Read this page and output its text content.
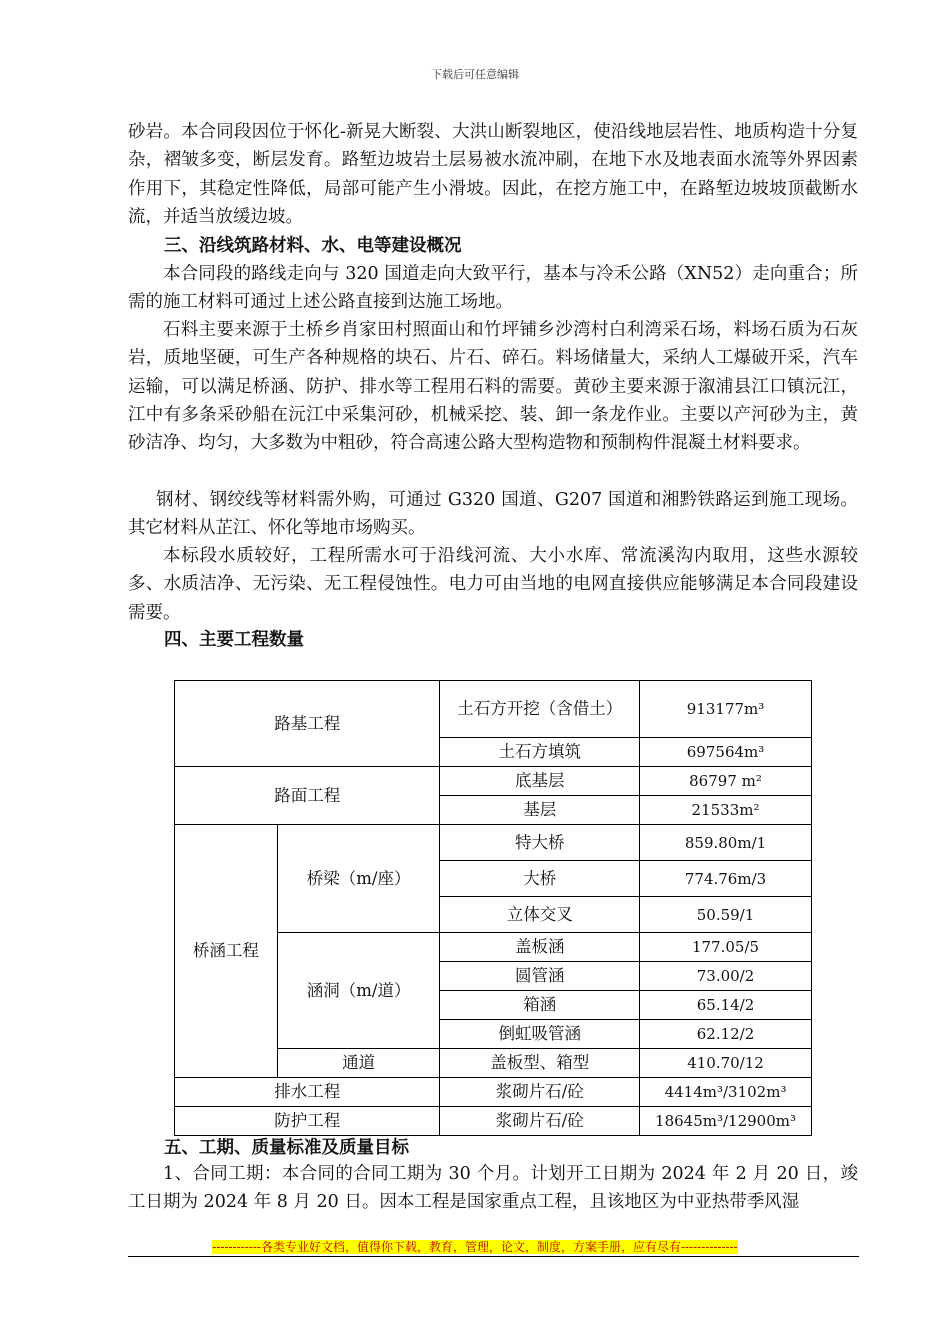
下载后可任意编辑

砂岩。本合同段因位于怀化-新晃大断裂、大洪山断裂地区，使沿线地层岩性、地质构造十分复杂，褶皱多变，断层发育。路堑边坡岩土层易被水流冲刷，在地下水及地表面水流等外界因素作用下，其稳定性降低，局部可能产生小滑坡。因此，在挖方施工中，在路堑边坡坡顶截断水流，并适当放缓边坡。

三、沿线筑路材料、水、电等建设概况

本合同段的路线走向与 320 国道走向大致平行，基本与冷禾公路（XN52）走向重合；所需的施工材料可通过上述公路直接到达施工场地。

石料主要来源于土桥乡肖家田村照面山和竹坪铺乡沙湾村白利湾采石场，料场石质为石灰岩，质地坚硬，可生产各种规格的块石、片石、碎石。料场储量大，采纳人工爆破开采，汽车运输，可以满足桥涵、防护、排水等工程用石料的需要。黄砂主要来源于溆浦县江口镇沅江，江中有多条采砂船在沅江中采集河砂，机械采挖、装、卸一条龙作业。主要以产河砂为主，黄砂洁净、均匀，大多数为中粗砂，符合高速公路大型构造物和预制构件混凝土材料要求。

钢材、钢绞线等材料需外购，可通过 G320 国道、G207 国道和湘黔铁路运到施工现场。其它材料从芷江、怀化等地市场购买。

本标段水质较好，工程所需水可于沿线河流、大小水库、常流溪沟内取用，这些水源较多、水质洁净、无污染、无工程侵蚀性。电力可由当地的电网直接供应能够满足本合同段建设需要。

四、主要工程数量

路基工程		土石方开挖（含借土）	913177m³
		土石方填筑	697564m³
路面工程		底基层	86797 m²
		基层	21533m²
桥涵工程	桥梁（m/座）	特大桥	859.80m/1
		大桥	774.76m/3
		立体交叉	50.59/1
	涵洞（m/道）	盖板涵	177.05/5
		圆管涵	73.00/2
		箱涵	65.14/2
		倒虹吸管涵	62.12/2
	通道	盖板型、箱型	410.70/12
排水工程		浆砌片石/砼	4414m³/3102m³
防护工程		浆砌片石/砼	18645m³/12900m³

五、工期、质量标准及质量目标

1、合同工期：本合同的合同工期为 30 个月。计划开工日期为 2024 年 2 月 20 日，竣工日期为 2024 年 8 月 20 日。因本工程是国家重点工程，且该地区为中亚热带季风湿

------------各类专业好文档，值得你下载，教育，管理，论文，制度，方案手册，应有尽有--------------
